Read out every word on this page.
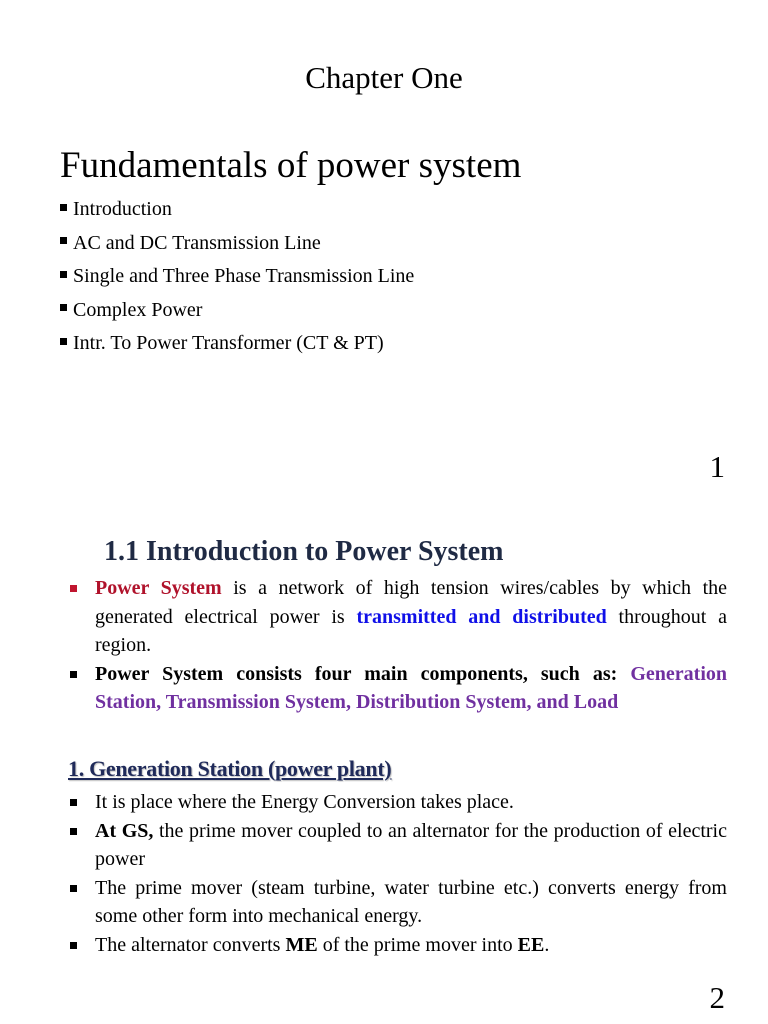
Chapter One
Fundamentals of power system
Introduction
AC and DC Transmission Line
Single and Three Phase Transmission Line
Complex Power
Intr. To Power Transformer (CT & PT)
1
1.1 Introduction to Power System
Power System is a network of high tension wires/cables by which the generated electrical power is transmitted and distributed throughout a region.
Power System consists four main components, such as: Generation Station, Transmission System, Distribution System, and Load
1. Generation Station (power plant)
It is place where the Energy Conversion takes place.
At GS, the prime mover coupled to an alternator for the production of electric power
The prime mover (steam turbine, water turbine etc.) converts energy from some other form into mechanical energy.
The alternator converts ME of the prime mover into EE.
2
